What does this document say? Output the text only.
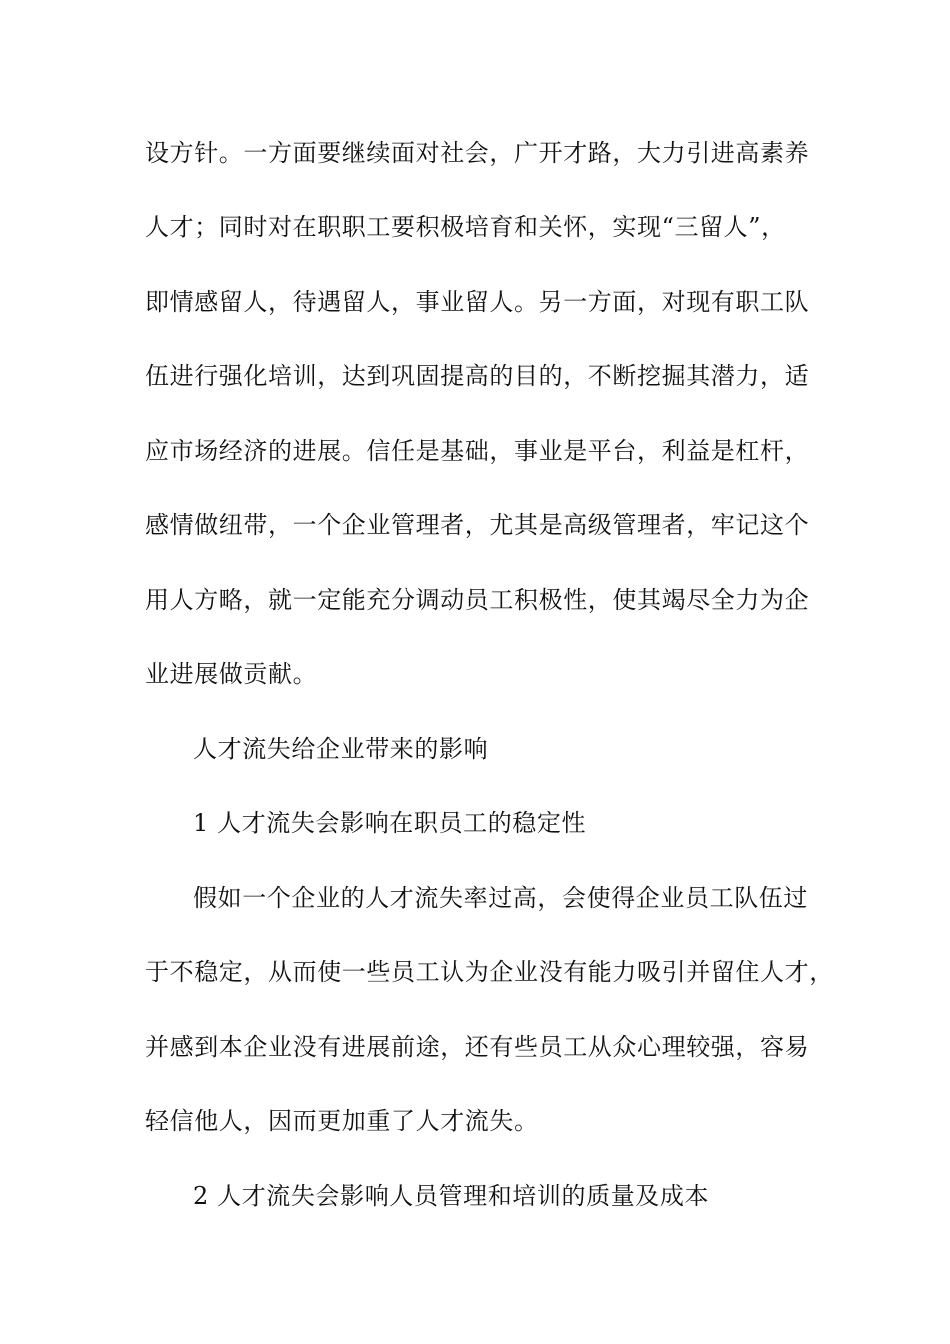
设方针。一方面要继续面对社会，广开才路，大力引进高素养
人才；同时对在职职工要积极培育和关怀，实现“三留人”，
即情感留人，待遇留人，事业留人。另一方面，对现有职工队
伍进行强化培训，达到巩固提高的目的，不断挖掘其潜力，适
应市场经济的进展。信任是基础，事业是平台，利益是杠杆，
感情做纽带，一个企业管理者，尤其是高级管理者，牢记这个
用人方略，就一定能充分调动员工积极性，使其竭尽全力为企
业进展做贡献。
人才流失给企业带来的影响
1 人才流失会影响在职员工的稳定性
假如一个企业的人才流失率过高，会使得企业员工队伍过
于不稳定，从而使一些员工认为企业没有能力吸引并留住人才，
并感到本企业没有进展前途，还有些员工从众心理较强，容易
轻信他人，因而更加重了人才流失。
2 人才流失会影响人员管理和培训的质量及成本
